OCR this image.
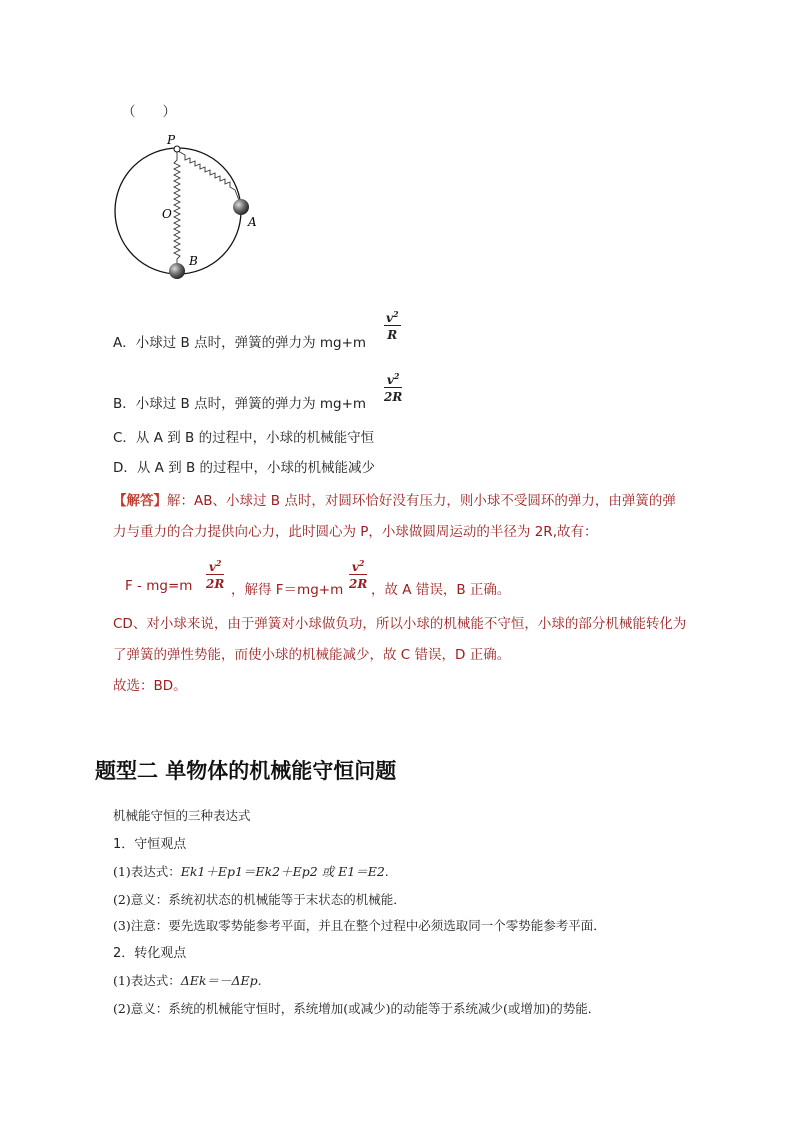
（　　）
P
O
A
B
A．小球过 B 点时，弹簧的弹力为 mg+m
$\frac{v^2}{R}$
B．小球过 B 点时，弹簧的弹力为 $mg+m \frac{v^2}{2R}$
C．从 A 到 B 的过程中，小球的机械能守恒
D．从 A 到 B 的过程中，小球的机械能减少
【解答】解：AB、小球过 B 点时，对圆环恰好没有压力，则小球不受圆环的弹力，由弹簧的弹
力与重力的合力提供向心力，此时圆心为 P，小球做圆周运动的半径为 2R,故有：
$F - mg=m \frac{v^2}{2R}$ ，解得 $F=mg+m \frac{v^2}{2R}$ ，故 A 错误，B 正确。
CD、对小球来说，由于弹簧对小球做负功，所以小球的机械能不守恒，小球的部分机械能转化为
了弹簧的弹性势能，而使小球的机械能减少，故 C 错误，D 正确。
故选：BD。
题型二 单物体的机械能守恒问题
机械能守恒的三种表达式
1．守恒观点
(1)表达式：Ek1＋Ep1＝Ek2＋Ep2 或 E1＝E2.
(2)意义：系统初状态的机械能等于末状态的机械能．
(3)注意：要先选取零势能参考平面，并且在整个过程中必须选取同一个零势能参考平面．
2．转化观点
(1)表达式：ΔEk＝－ΔEp.
(2)意义：系统的机械能守恒时，系统增加(或减少)的动能等于系统减少(或增加)的势能．
